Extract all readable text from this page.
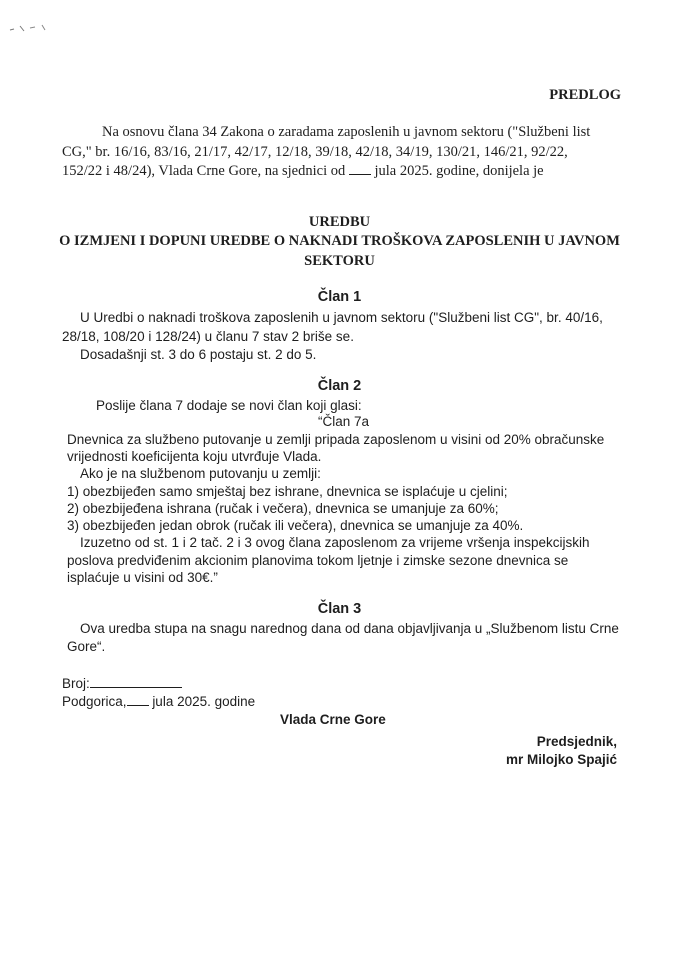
PREDLOG
Na osnovu člana 34 Zakona o zaradama zaposlenih u javnom sektoru ("Službeni list
CG," br. 16/16, 83/16, 21/17, 42/17, 12/18, 39/18, 42/18, 34/19, 130/21, 146/21, 92/22,
152/22 i 48/24), Vlada Crne Gore, na sjednici od jula 2025. godine, donijela je
UREDBU
O IZMJENI I DOPUNI UREDBE O NAKNADI TROŠKOVA ZAPOSLENIH U JAVNOM
SEKTORU
Član 1
U Uredbi o naknadi troškova zaposlenih u javnom sektoru ("Službeni list CG", br. 40/16,
28/18, 108/20 i 128/24) u članu 7 stav 2 briše se.
Dosadašnji st. 3 do 6 postaju st. 2 do 5.
Član 2
Poslije člana 7 dodaje se novi član koji glasi:
“Član 7a
Dnevnica za službeno putovanje u zemlji pripada zaposlenom u visini od 20% obračunske
vrijednosti koeficijenta koju utvrđuje Vlada.
Ako je na službenom putovanju u zemlji:
1) obezbijeđen samo smještaj bez ishrane, dnevnica se isplaćuje u cjelini;
2) obezbijeđena ishrana (ručak i večera), dnevnica se umanjuje za 60%;
3) obezbijeđen jedan obrok (ručak ili večera), dnevnica se umanjuje za 40%.
Izuzetno od st. 1 i 2 tač. 2 i 3 ovog člana zaposlenom za vrijeme vršenja inspekcijskih
poslova predviđenim akcionim planovima tokom ljetnje i zimske sezone dnevnica se
isplaćuje u visini od 30€.”
Član 3
Ova uredba stupa na snagu narednog dana od dana objavljivanja u „Službenom listu Crne
Gore“.
Broj:
Podgorica, jula 2025. godine
Vlada Crne Gore
Predsjednik,
mr Milojko Spajić
